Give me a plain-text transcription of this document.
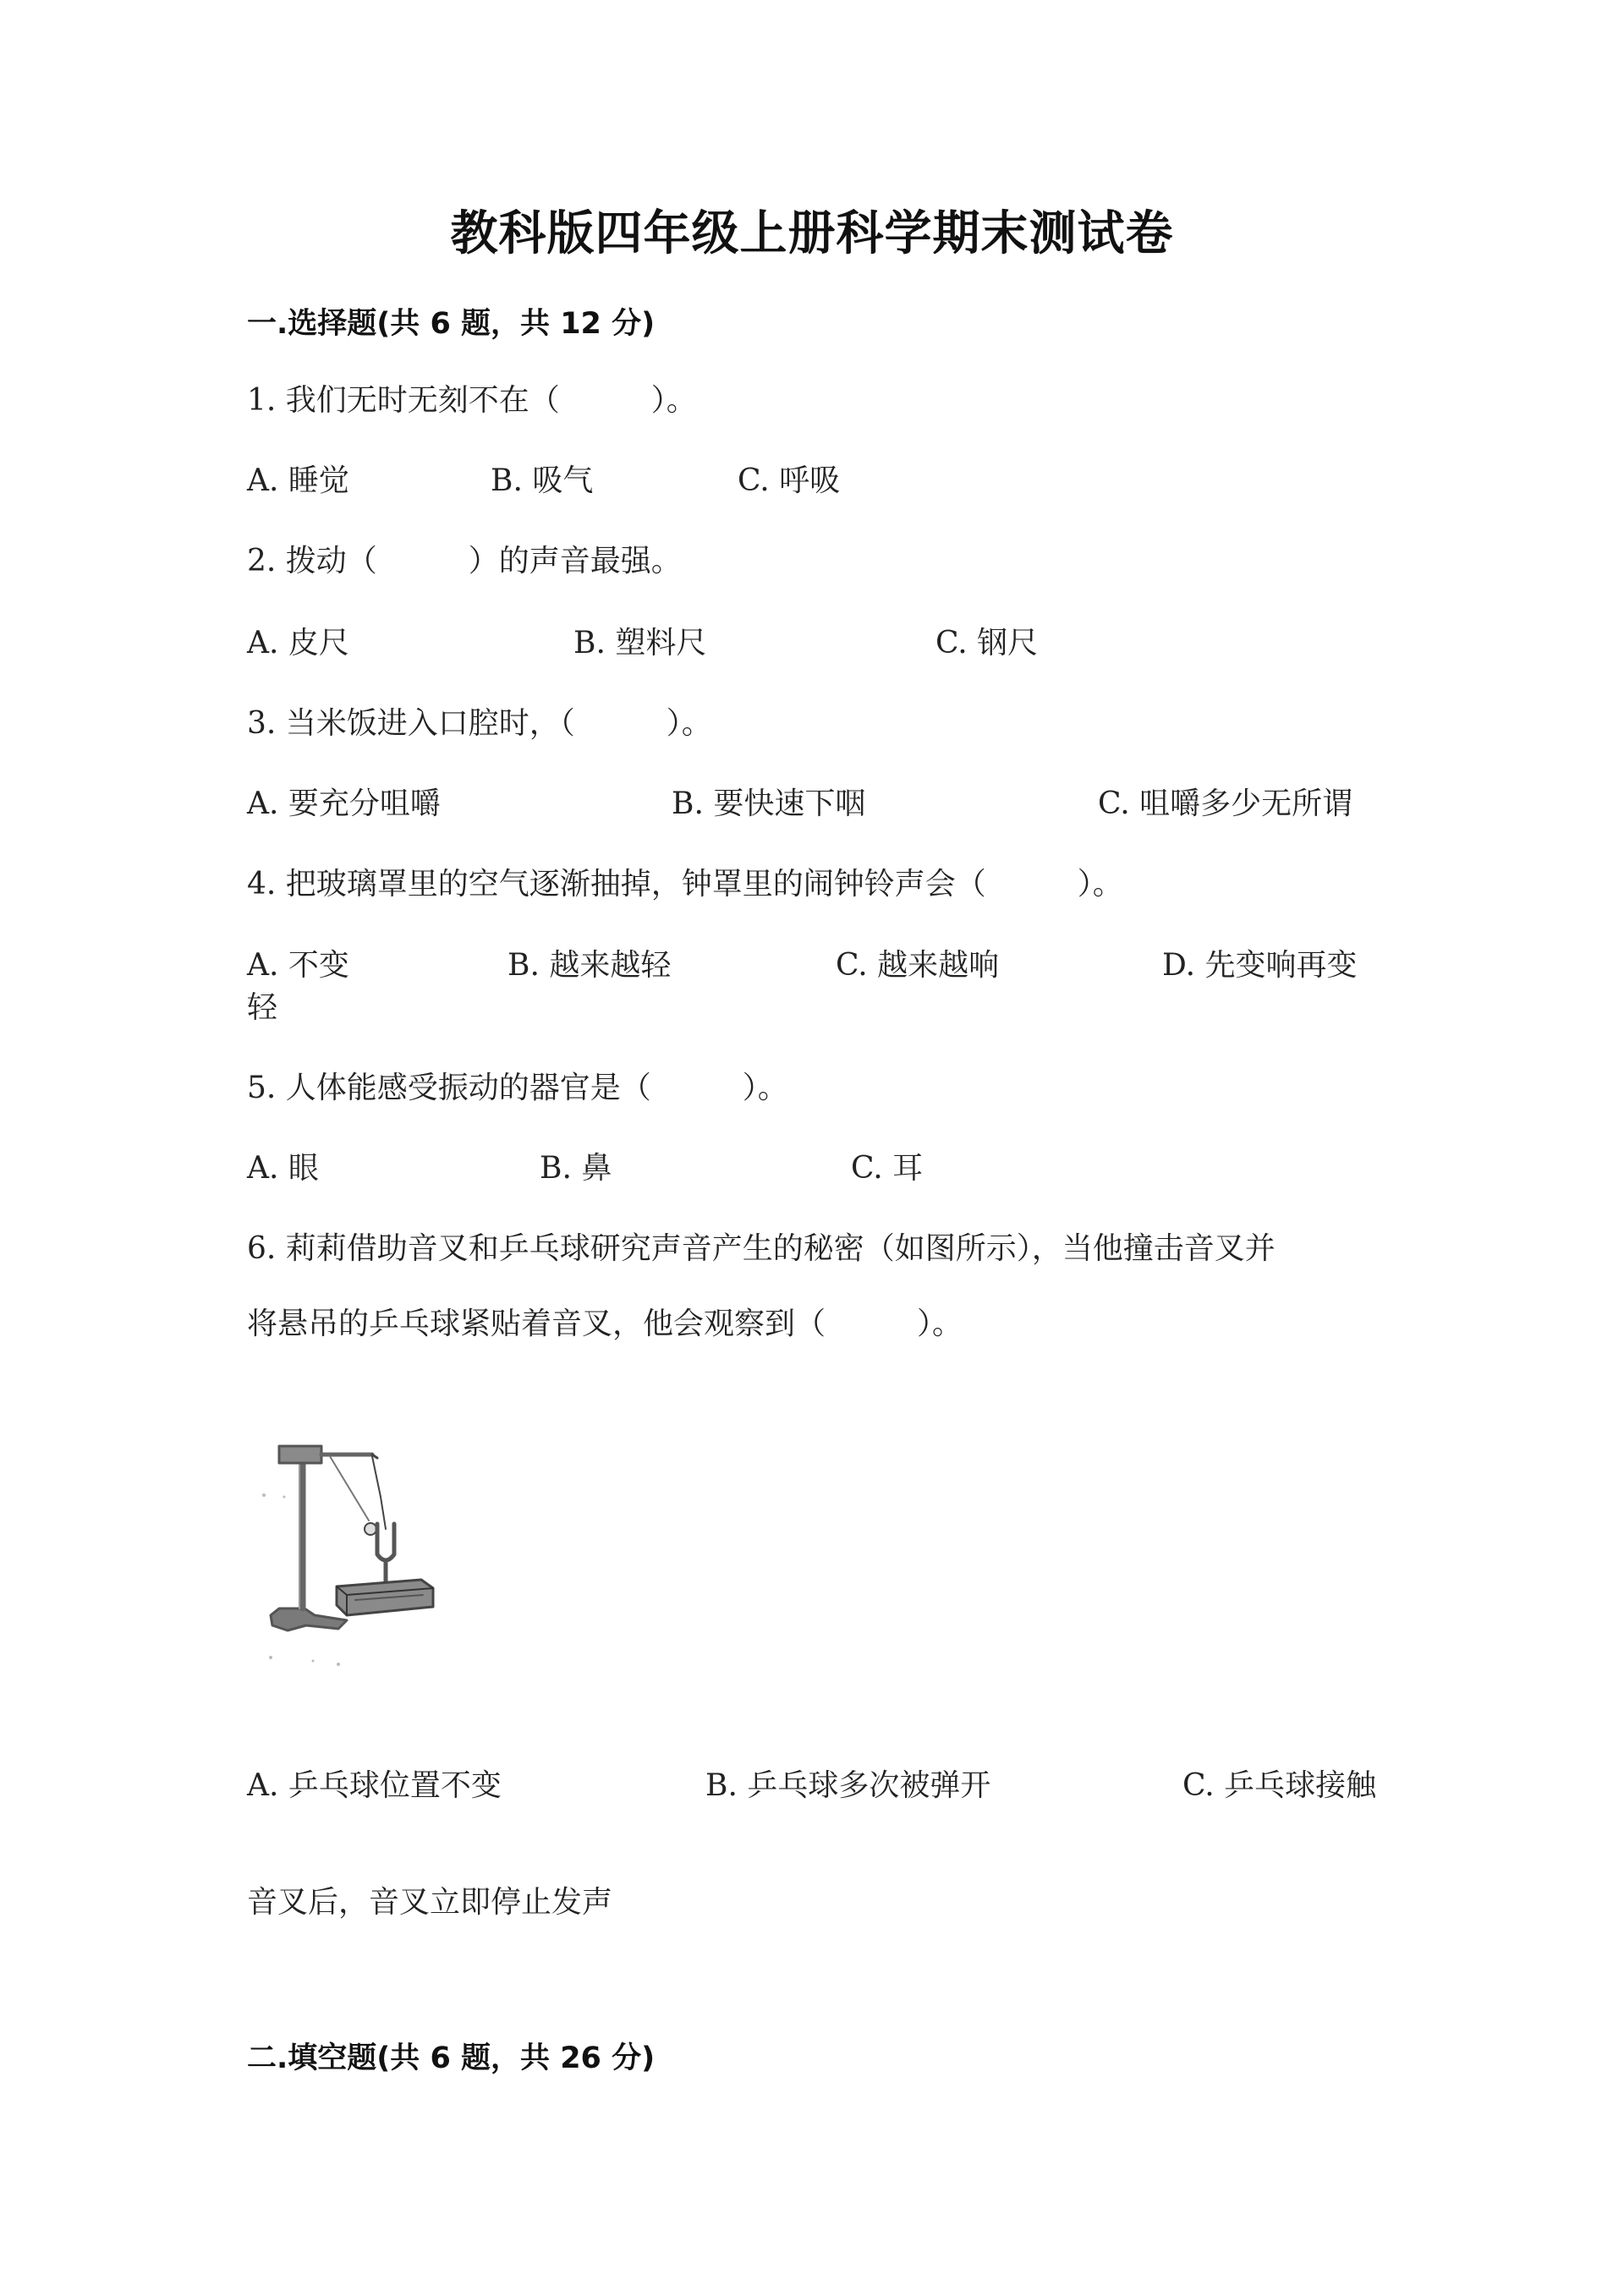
教科版四年级上册科学期末测试卷
一.选择题(共 6 题，共 12 分)
1. 我们无时无刻不在（　　　）。
A. 睡觉	B. 吸气	C. 呼吸
2. 拨动（　　　）的声音最强。
A. 皮尺	B. 塑料尺	C. 钢尺
3. 当米饭进入口腔时，（　　　）。
A. 要充分咀嚼	B. 要快速下咽	C. 咀嚼多少无所谓
4. 把玻璃罩里的空气逐渐抽掉，钟罩里的闹钟铃声会（　　　）。
A. 不变	B. 越来越轻	C. 越来越响	D. 先变响再变
轻
5. 人体能感受振动的器官是（　　　）。
A. 眼	B. 鼻	C. 耳
6. 莉莉借助音叉和乒乓球研究声音产生的秘密（如图所示），当他撞击音叉并
将悬吊的乒乓球紧贴着音叉，他会观察到（　　　）。
A. 乒乓球位置不变	B. 乒乓球多次被弹开	C. 乒乓球接触
音叉后，音叉立即停止发声
二.填空题(共 6 题，共 26 分)
